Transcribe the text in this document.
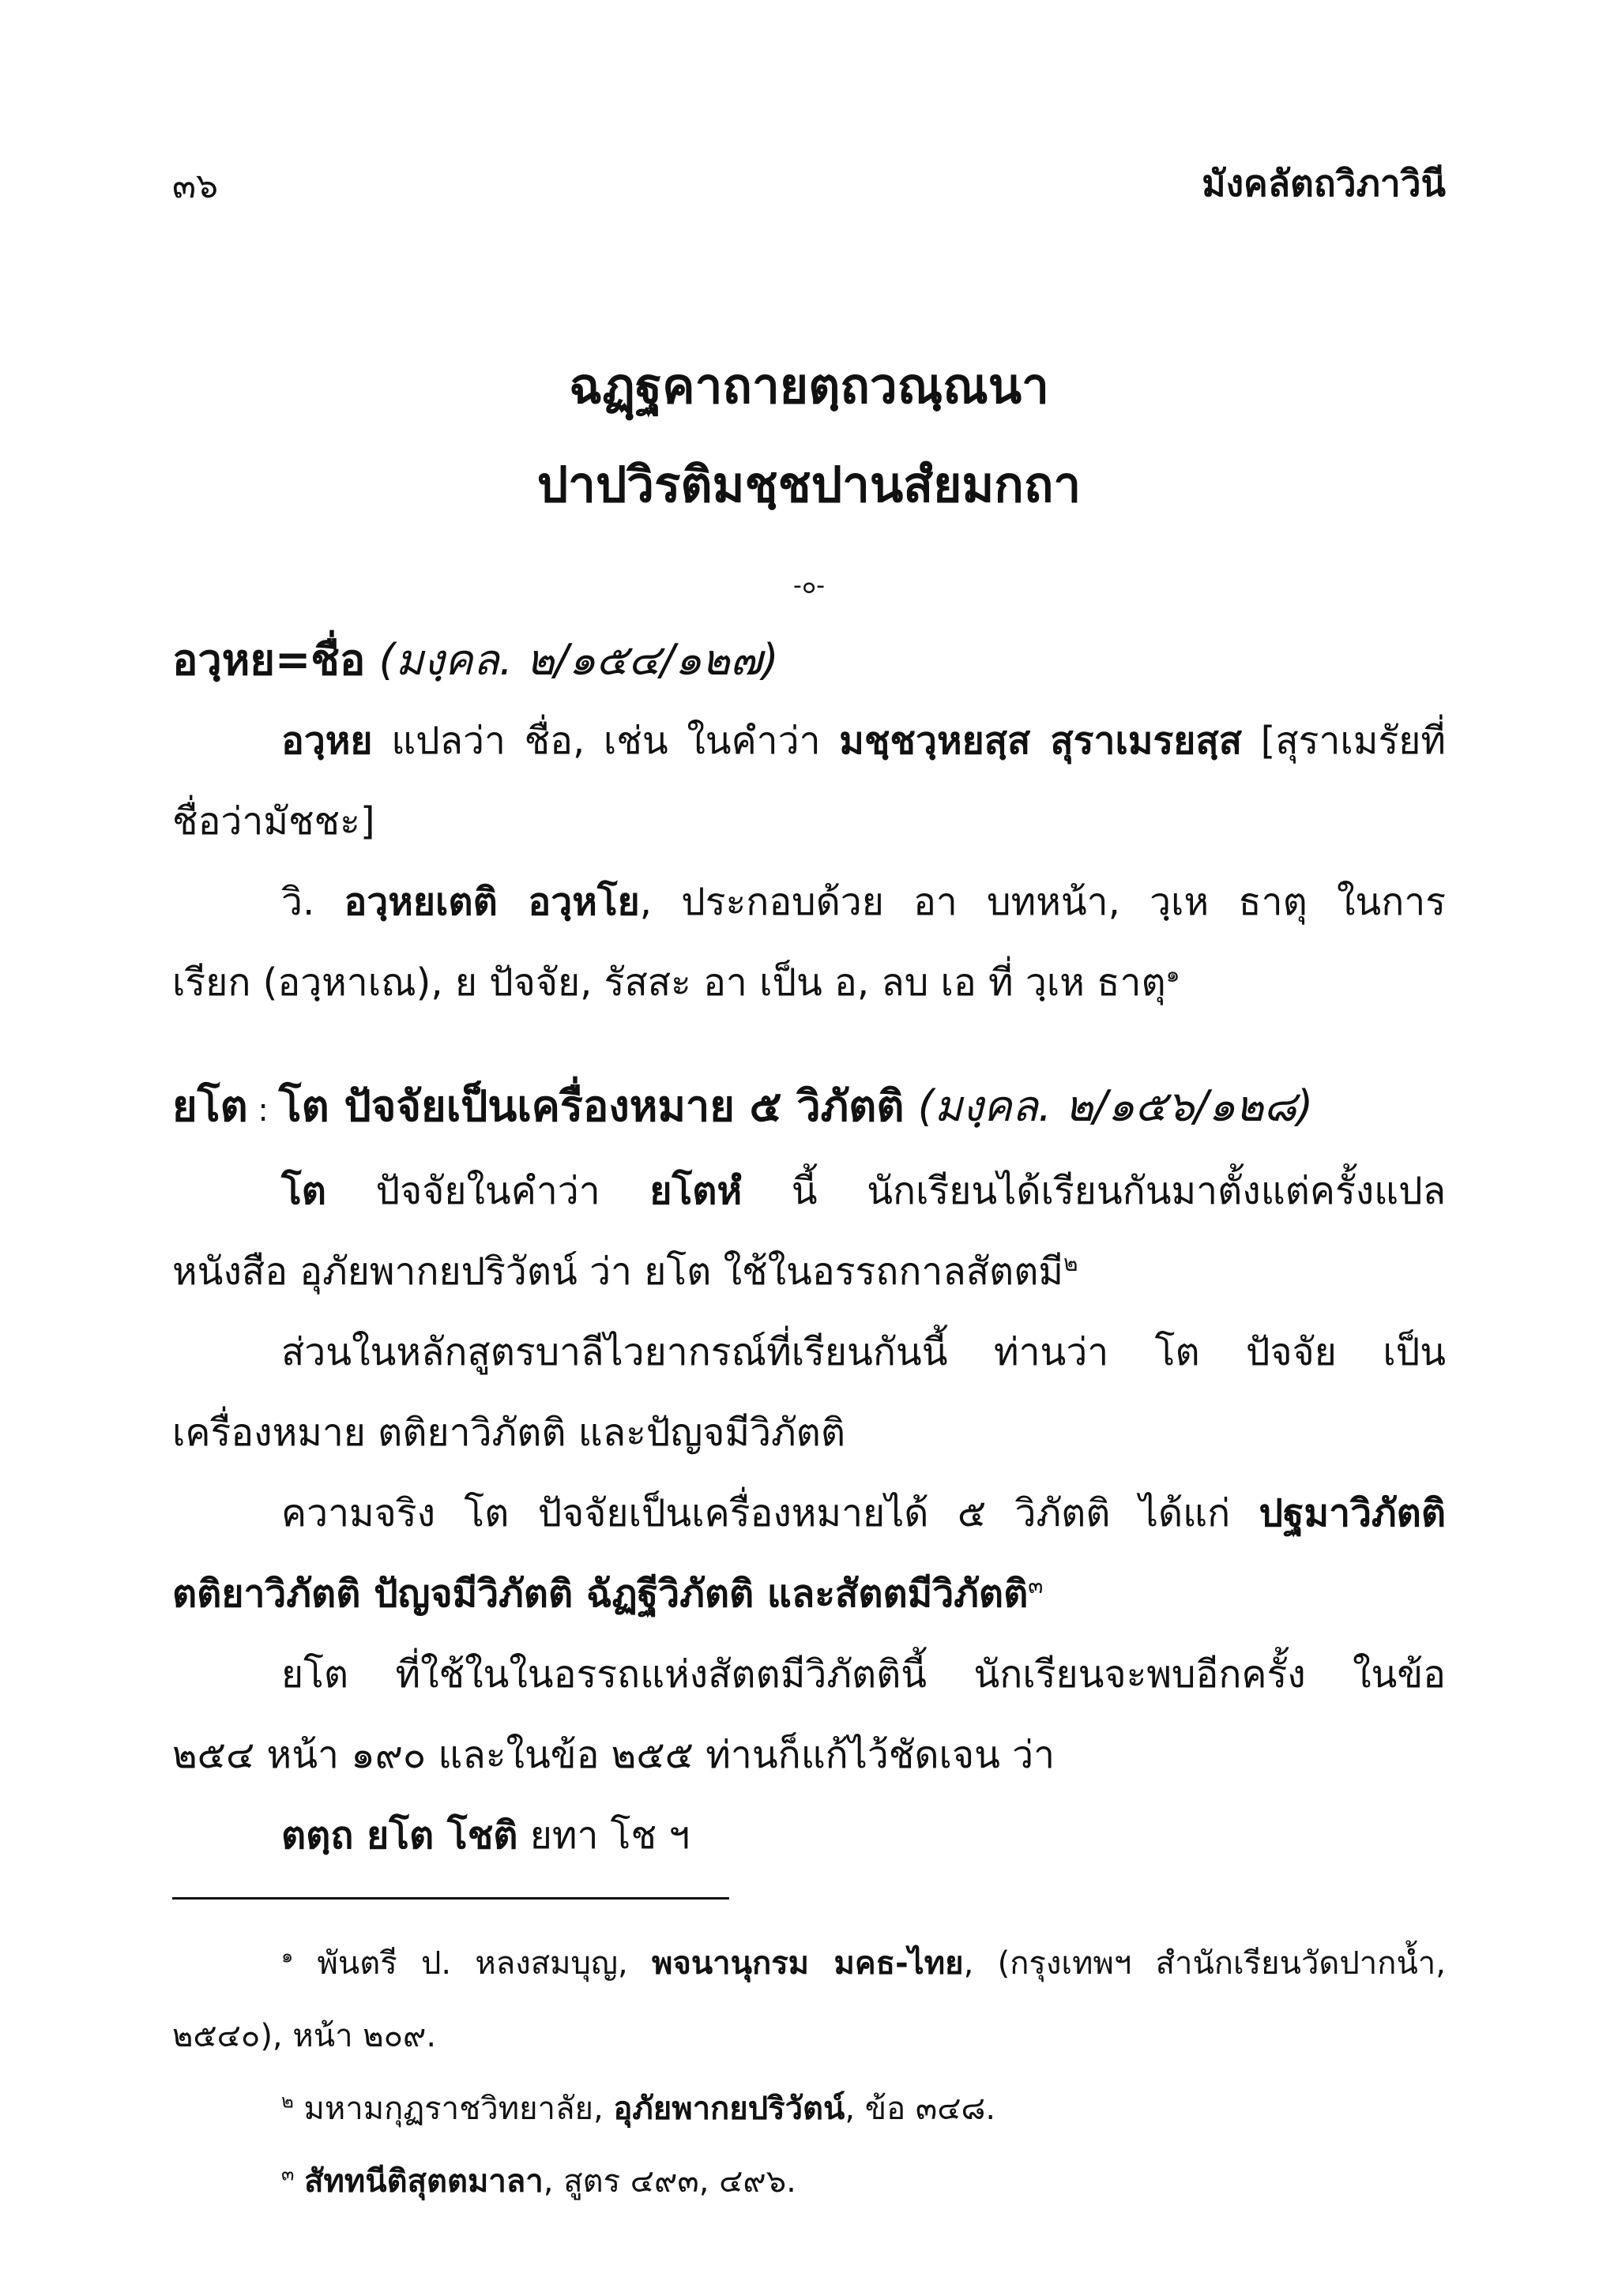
๓๖	มังคลัตถวิภาวินี
ฉฏฺฐคาถายตฺถวณฺณนา
ปาปวิรติมชฺชปานสํยมกถา
-๐-
อวฺหย=ชื่อ (มงฺคล. ๒/๑๕๔/๑๒๗)
อวฺหย แปลว่า ชื่อ, เช่น ในคำว่า มชฺชวฺหยสฺส สุราเมรยสฺส [สุราเมรัยที่
ชื่อว่ามัชชะ]
วิ. อวฺหยเตติ อวฺหโย, ประกอบด้วย อา บทหน้า, วฺเห ธาตุ ในการ
เรียก (อวฺหาเณ), ย ปัจจัย, รัสสะ อา เป็น อ, ลบ เอ ที่ วฺเห ธาตุ$^๑$
ยโต : โต ปัจจัยเป็นเครื่องหมาย ๕ วิภัตติ (มงฺคล. ๒/๑๕๖/๑๒๘)
โต ปัจจัยในคำว่า ยโตหํ นี้ นักเรียนได้เรียนกันมาตั้งแต่ครั้งแปล
หนังสือ อุภัยพากยปริวัตน์ ว่า ยโต ใช้ในอรรถกาลสัตตมี$^๒$
ส่วนในหลักสูตรบาลีไวยากรณ์ที่เรียนกันนี้ ท่านว่า โต ปัจจัย เป็น
เครื่องหมาย ตติยาวิภัตติ และปัญจมีวิภัตติ
ความจริง โต ปัจจัยเป็นเครื่องหมายได้ ๕ วิภัตติ ได้แก่ ปฐมาวิภัตติ
ตติยาวิภัตติ ปัญจมีวิภัตติ ฉัฏฐีวิภัตติ และสัตตมีวิภัตติ$^๓$
ยโต ที่ใช้ในในอรรถแห่งสัตตมีวิภัตตินี้ นักเรียนจะพบอีกครั้ง ในข้อ
๒๕๔ หน้า ๑๙๐ และในข้อ ๒๕๕ ท่านก็แก้ไว้ชัดเจน ว่า
ตตฺถ ยโต โชติ ยทา โช ฯ
$^๑$ พันตรี ป. หลงสมบุญ, พจนานุกรม มคธ-ไทย, (กรุงเทพฯ สำนักเรียนวัดปากน้ำ,
๒๕๔๐), หน้า ๒๐๙.
$^๒$ มหามกุฏราชวิทยาลัย, อุภัยพากยปริวัตน์, ข้อ ๓๔๘.
$^๓$ สัททนีติสุตตมาลา, สูตร ๔๙๓, ๔๙๖.
